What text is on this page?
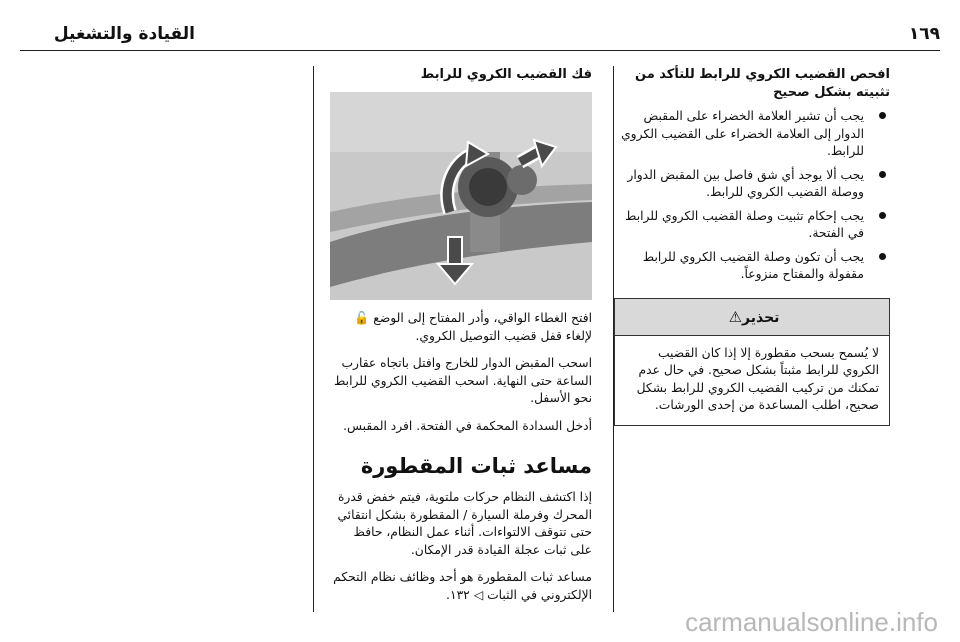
القيادة والتشغيل	١٦٩
افحص القضيب الكروي للرابط للتأكد من تثبيته بشكل صحيح
يجب أن تشير العلامة الخضراء على المقبض الدوار إلى العلامة الخضراء على القضيب الكروي للرابط.
يجب ألا يوجد أي شق فاصل بين المقبض الدوار ووصلة القضيب الكروي للرابط.
يجب إحكام تثبيت وصلة القضيب الكروي للرابط في الفتحة.
يجب أن تكون وصلة القضيب الكروي للرابط مقفولة والمفتاح منزوعاً.
تحذير⚠
لا يُسمح بسحب مقطورة إلا إذا كان القضيب الكروي للرابط مثبتاً بشكل صحيح. في حال عدم تمكنك من تركيب القضيب الكروي للرابط بشكل صحيح، اطلب المساعدة من إحدى الورشات.
فك القضيب الكروي للرابط

افتح الغطاء الواقي، وأدر المفتاح إلى الوضع 🔓 لإلغاء قفل قضيب التوصيل الكروي.

اسحب المقبض الدوار للخارج وافتل باتجاه عقارب الساعة حتى النهاية. اسحب القضيب الكروي للرابط نحو الأسفل.

أدخل السدادة المحكمة في الفتحة. افرد المقبس.

مساعد ثبات المقطورة

إذا اكتشف النظام حركات ملتوية، فيتم خفض قدرة المحرك وفرملة السيارة / المقطورة بشكل انتقائي حتى تتوقف الالتواءات. أثناء عمل النظام، حافظ على ثبات عجلة القيادة قدر الإمكان.

مساعد ثبات المقطورة هو أحد وظائف نظام التحكم الإلكتروني في الثبات ◁ ١٣٢.

carmanualsonline.info
